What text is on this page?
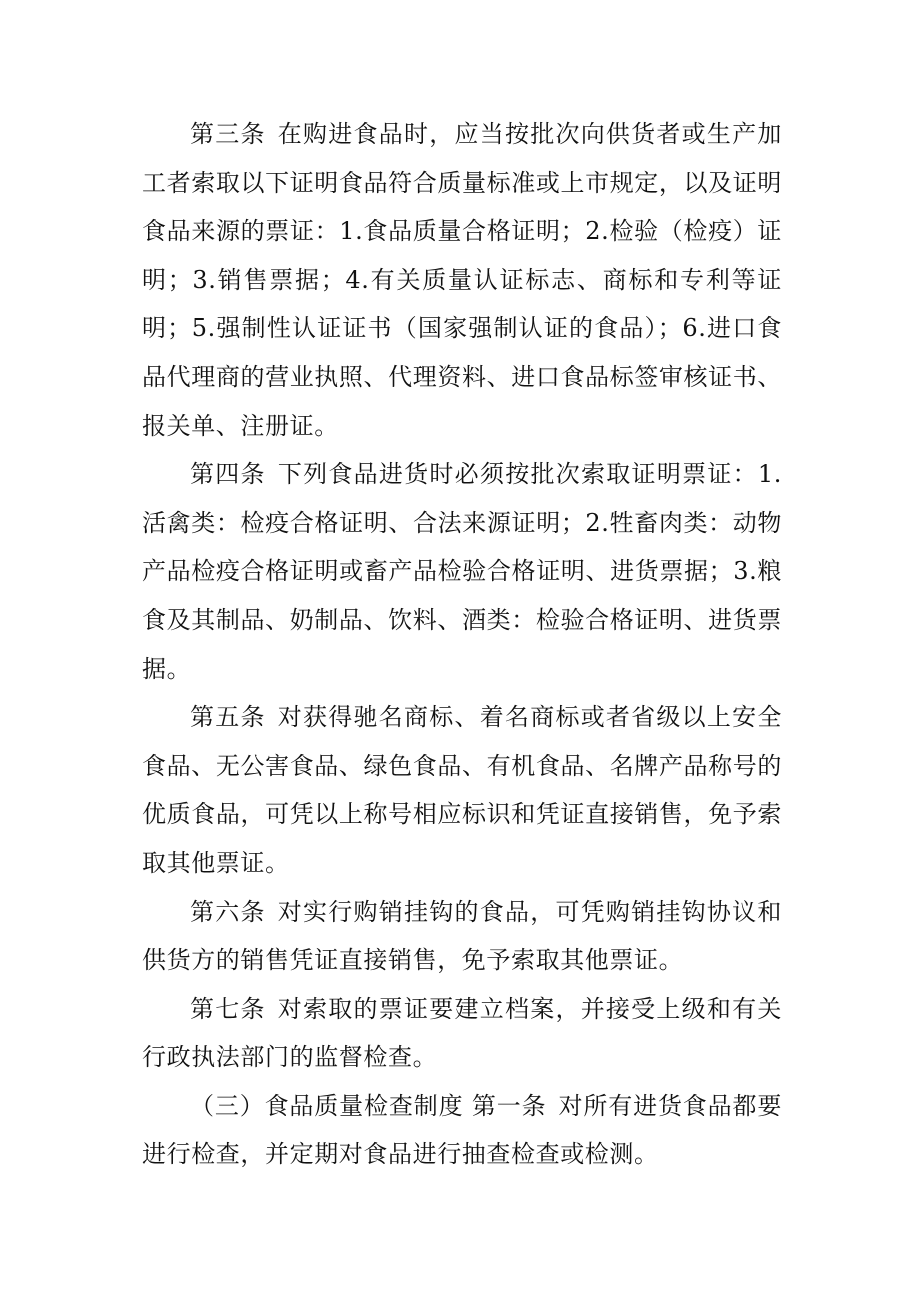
第三条 在购进食品时，应当按批次向供货者或生产加工者索取以下证明食品符合质量标准或上市规定，以及证明食品来源的票证：1.食品质量合格证明；2.检验（检疫）证明；3.销售票据；4.有关质量认证标志、商标和专利等证明；5.强制性认证证书（国家强制认证的食品）；6.进口食品代理商的营业执照、代理资料、进口食品标签审核证书、报关单、注册证。

第四条 下列食品进货时必须按批次索取证明票证：1.活禽类：检疫合格证明、合法来源证明；2.牲畜肉类：动物产品检疫合格证明或畜产品检验合格证明、进货票据；3.粮食及其制品、奶制品、饮料、酒类：检验合格证明、进货票据。

第五条 对获得驰名商标、着名商标或者省级以上安全食品、无公害食品、绿色食品、有机食品、名牌产品称号的优质食品，可凭以上称号相应标识和凭证直接销售，免予索取其他票证。

第六条 对实行购销挂钩的食品，可凭购销挂钩协议和供货方的销售凭证直接销售，免予索取其他票证。

第七条 对索取的票证要建立档案，并接受上级和有关行政执法部门的监督检查。

（三）食品质量检查制度 第一条 对所有进货食品都要进行检查，并定期对食品进行抽查检查或检测。
